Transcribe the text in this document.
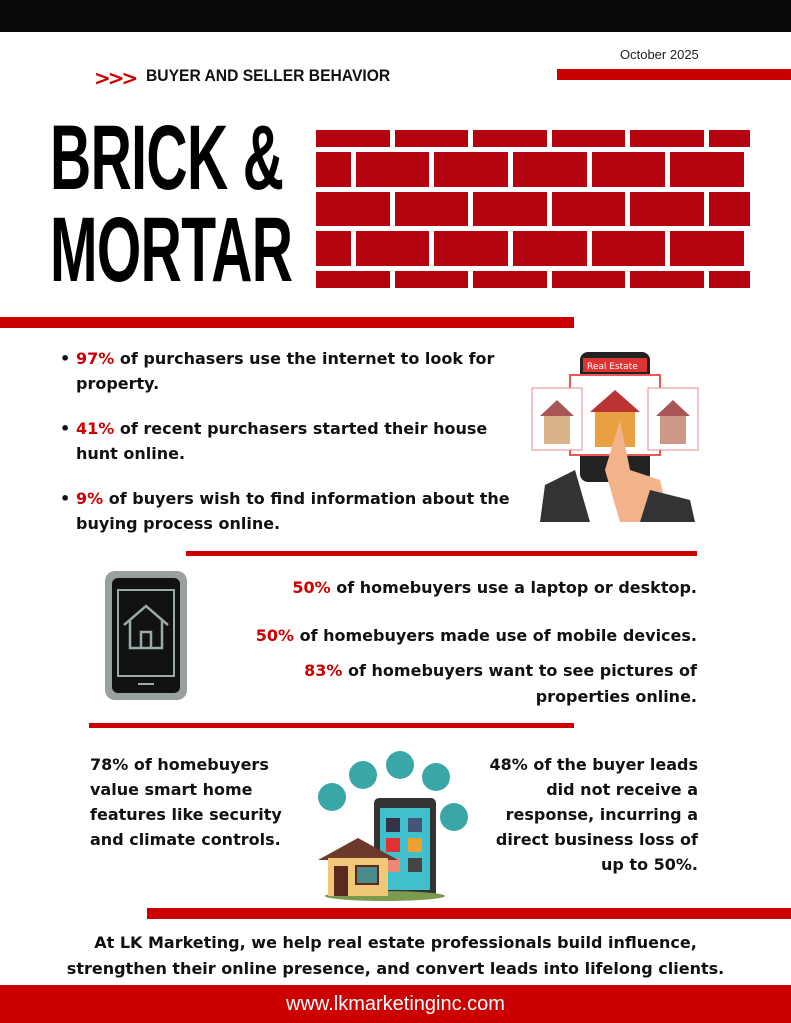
October 2025
>>> BUYER AND SELLER BEHAVIOR
BRICK &
MORTAR
• 97% of purchasers use the internet to look for property.
• 41% of recent purchasers started their house hunt online.
• 9% of buyers wish to find information about the buying process online.
Real Estate
50% of homebuyers use a laptop or desktop.
50% of homebuyers made use of mobile devices.
83% of homebuyers want to see pictures of properties online.
78% of homebuyers value smart home features like security and climate controls.
48% of the buyer leads did not receive a response, incurring a direct business loss of up to 50%.
At LK Marketing, we help real estate professionals build influence, strengthen their online presence, and convert leads into lifelong clients.
www.lkmarketinginc.com
